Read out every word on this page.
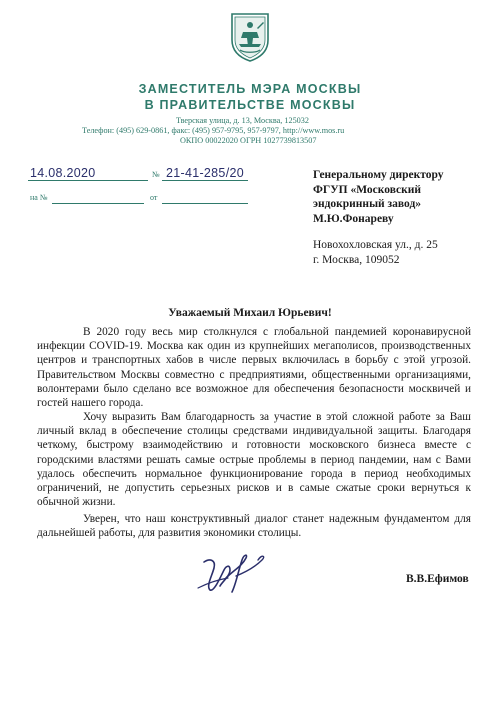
ЗАМЕСТИТЕЛЬ МЭРА МОСКВЫ
В ПРАВИТЕЛЬСТВЕ МОСКВЫ
Тверская улица, д. 13, Москва, 125032
Телефон: (495) 629-0861, факс: (495) 957-9795, 957-9797, http://www.mos.ru
ОКПО 00022020 ОГРН 1027739813507
14.08.2020	№ 21-41-285/20
на №	от
Генеральному директору
ФГУП «Московский
эндокринный завод»
М.Ю.Фонареву
Новохохловская ул., д. 25
г. Москва, 109052
Уважаемый Михаил Юрьевич!

В 2020 году весь мир столкнулся с глобальной пандемией коронавирусной инфекции COVID-19. Москва как один из крупнейших мегаполисов, производственных центров и транспортных хабов в числе первых включилась в борьбу с этой угрозой. Правительством Москвы совместно с предприятиями, общественными организациями, волонтерами было сделано все возможное для обеспечения безопасности москвичей и гостей нашего города.

Хочу выразить Вам благодарность за участие в этой сложной работе за Ваш личный вклад в обеспечение столицы средствами индивидуальной защиты. Благодаря четкому, быстрому взаимодействию и готовности московского бизнеса вместе с городскими властями решать самые острые проблемы в период пандемии, нам с Вами удалось обеспечить нормальное функционирование города в период необходимых ограничений, не допустить серьезных рисков и в самые сжатые сроки вернуться к обычной жизни.

Уверен, что наш конструктивный диалог станет надежным фундаментом для дальнейшей работы, для развития экономики столицы.

В.В.Ефимов
